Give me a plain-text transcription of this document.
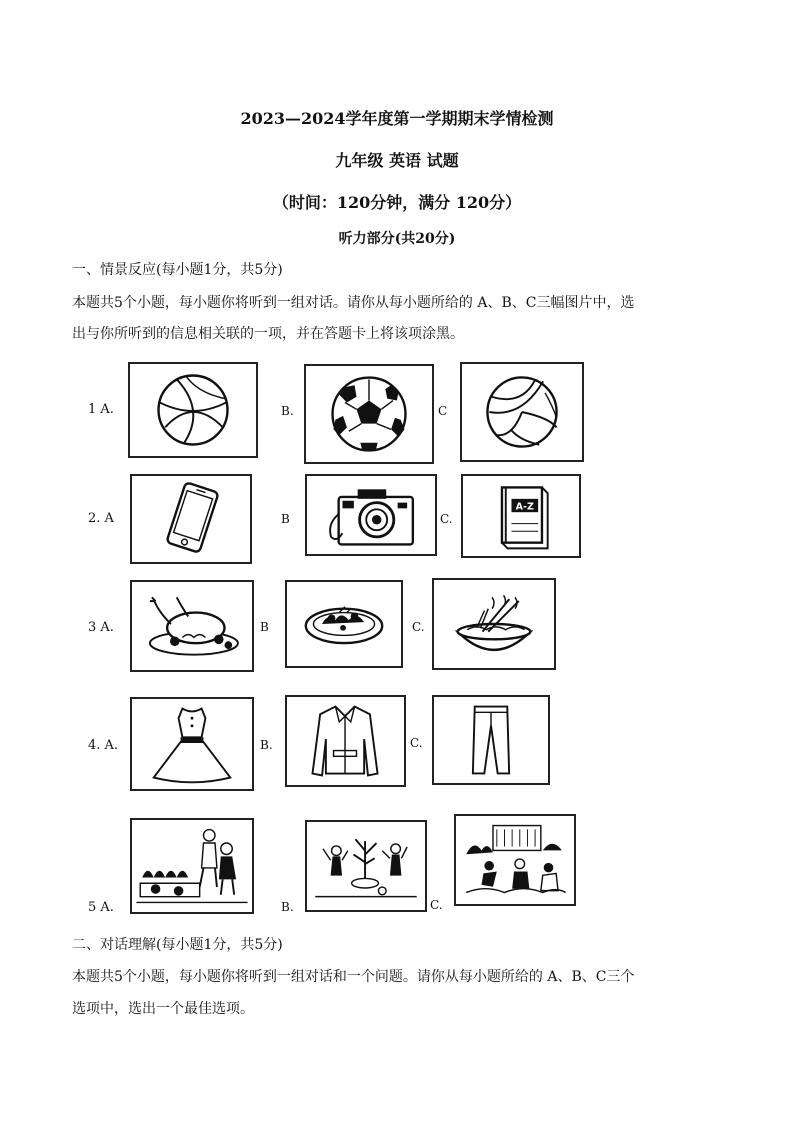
2023—2024学年度第一学期期末学情检测
九年级 英语 试题
（时间：120分钟，满分 120分）
听力部分(共20分)
一、情景反应(每小题1分，共5分)
本题共5个小题，每小题你将听到一组对话。请你从每小题所给的 A、B、C三幅图片中，选
出与你所听到的信息相关联的一项，并在答题卡上将该项涂黑。
1 A.	B.	C
2. A	B	C.
A-Z
3 A.	B	C.
4. A.	B.	C.
5 A.	B.	C.
二、对话理解(每小题1分，共5分)
本题共5个小题，每小题你将听到一组对话和一个问题。请你从每小题所给的 A、B、C三个
选项中，选出一个最佳选项。
